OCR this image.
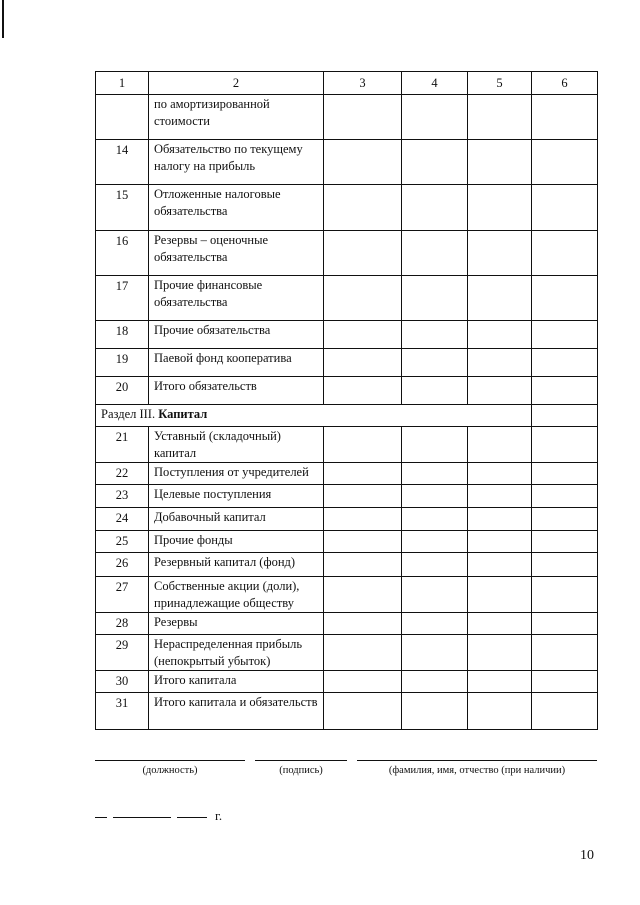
1	2	3	4	5	6
	по амортизированной стоимости				
14	Обязательство по текущему налогу на прибыль				
15	Отложенные налоговые обязательства				
16	Резервы – оценочные обязательства				
17	Прочие финансовые обязательства				
18	Прочие обязательства				
19	Паевой фонд кооператива				
20	Итого обязательств				
Раздел III. Капитал					
21	Уставный (складочный) капитал				
22	Поступления от учредителей				
23	Целевые поступления				
24	Добавочный капитал				
25	Прочие фонды				
26	Резервный капитал (фонд)				
27	Собственные акции (доли), принадлежащие обществу				
28	Резервы				
29	Нераспределенная прибыль (непокрытый убыток)				
30	Итого капитала				
31	Итого капитала и обязательств				
(должность)	(подпись)	(фамилия, имя, отчество (при наличии)
г.
10
